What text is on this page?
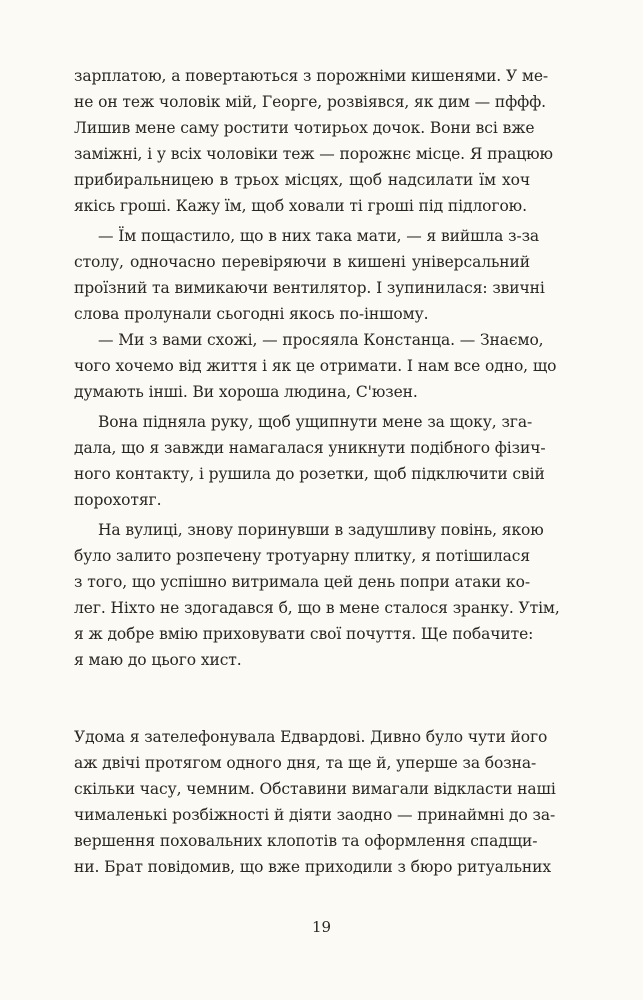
зарплатою, а повертаються з порожніми кишенями. У ме-
не он теж чоловік мій, Георге, розвіявся, як дим — пффф.
Лишив мене саму ростити чотирьох дочок. Вони всі вже
заміжні, і у всіх чоловіки теж — порожнє місце. Я працюю
прибиральницею в трьох місцях, щоб надсилати їм хоч
якісь гроші. Кажу їм, щоб ховали ті гроші під підлогою.
— Їм пощастило, що в них така мати, — я вийшла з-за
столу, одночасно перевіряючи в кишені універсальний
проїзний та вимикаючи вентилятор. І зупинилася: звичні
слова пролунали сьогодні якось по-іншому.
— Ми з вами схожі, — просяяла Констанца. — Знаємо,
чого хочемо від життя і як це отримати. І нам все одно, що
думають інші. Ви хороша людина, С'юзен.
Вона підняла руку, щоб ущипнути мене за щоку, зга-
дала, що я завжди намагалася уникнути подібного фізич-
ного контакту, і рушила до розетки, щоб підключити свій
порохотяг.
На вулиці, знову поринувши в задушливу повінь, якою
було залито розпечену тротуарну плитку, я потішилася
з того, що успішно витримала цей день попри атаки ко-
лег. Ніхто не здогадався б, що в мене сталося зранку. Утім,
я ж добре вмію приховувати свої почуття. Ще побачите:
я маю до цього хист.
Удома я зателефонувала Едвардові. Дивно було чути його
аж двічі протягом одного дня, та ще й, уперше за бозна-
скільки часу, чемним. Обставини вимагали відкласти наші
чималенькі розбіжності й діяти заодно — принаймні до за-
вершення поховальних клопотів та оформлення спадщи-
ни. Брат повідомив, що вже приходили з бюро ритуальних
19
